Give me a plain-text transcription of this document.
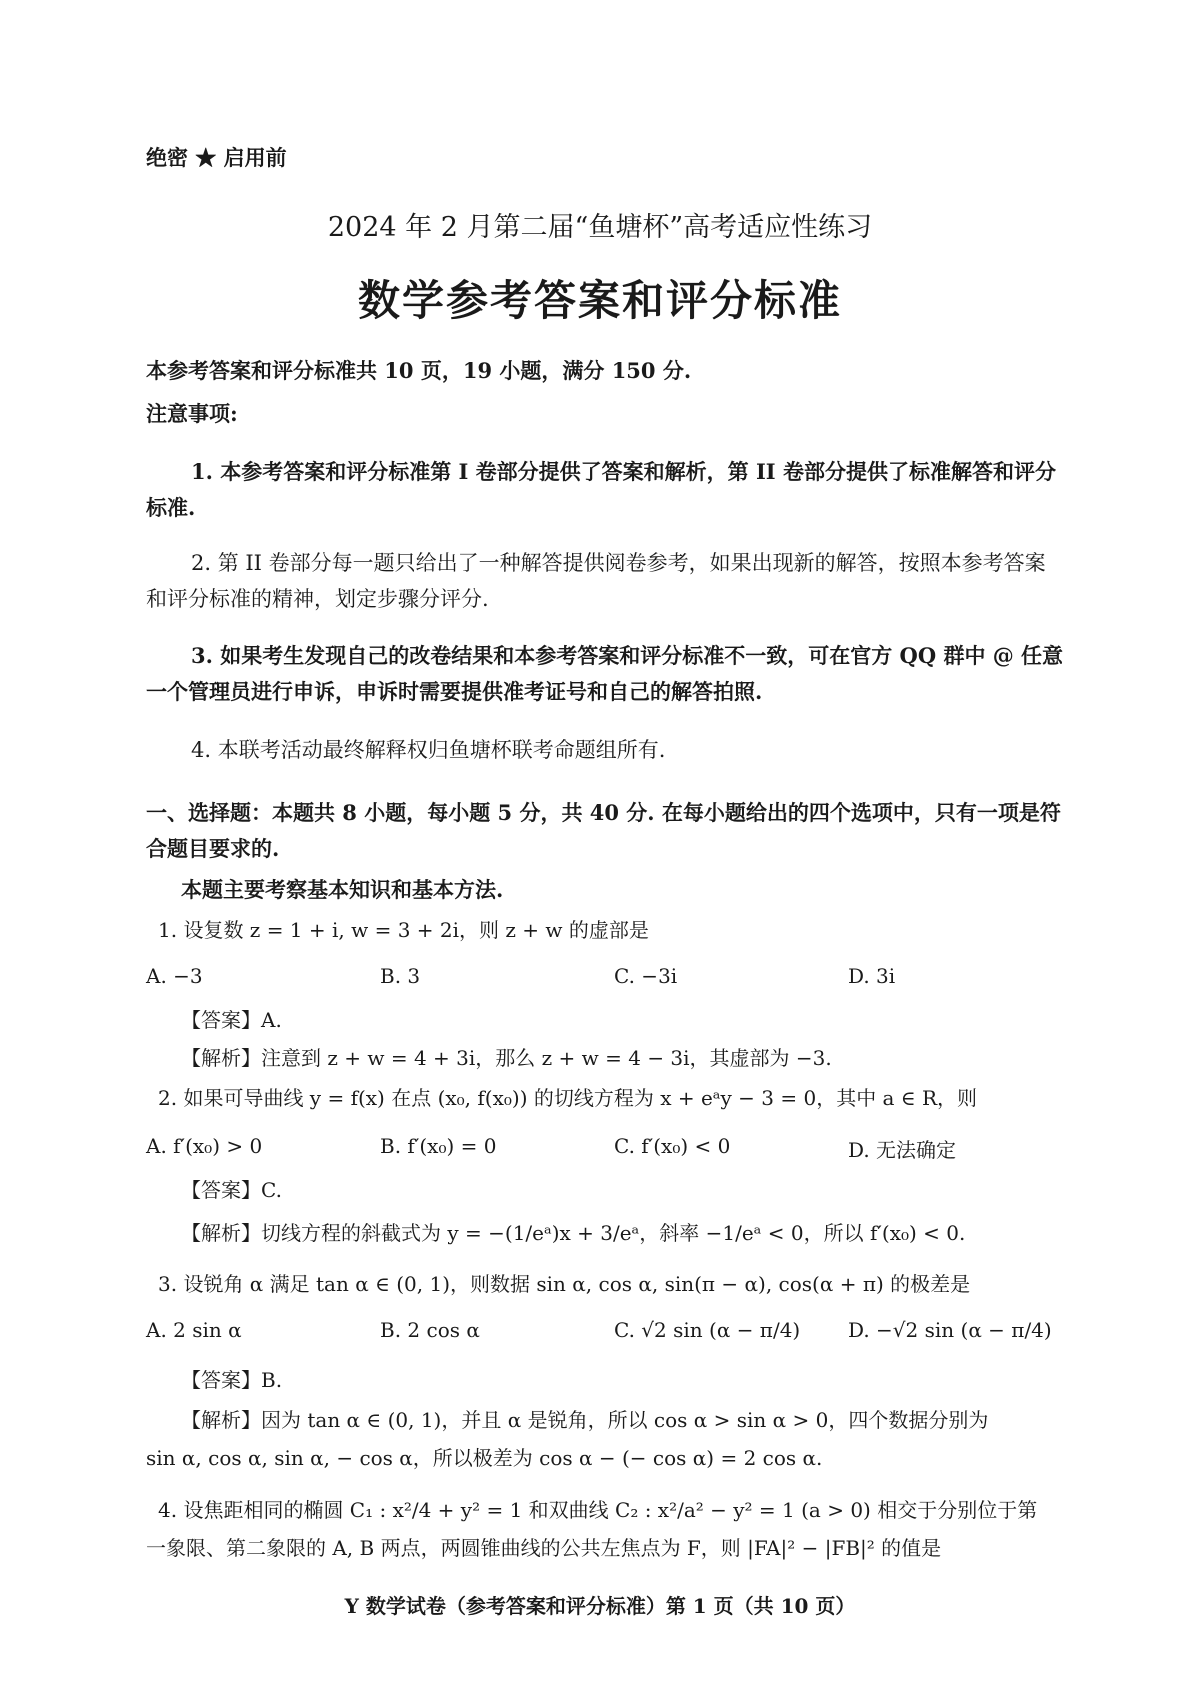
绝密 ★ 启用前
2024 年 2 月第二届“鱼塘杯”高考适应性练习
数学参考答案和评分标准
本参考答案和评分标准共 10 页，19 小题，满分 150 分.
注意事项:
1. 本参考答案和评分标准第 I 卷部分提供了答案和解析，第 II 卷部分提供了标准解答和评分标准.
2. 第 II 卷部分每一题只给出了一种解答提供阅卷参考，如果出现新的解答，按照本参考答案和评分标准的精神，划定步骤分评分.
3. 如果考生发现自己的改卷结果和本参考答案和评分标准不一致，可在官方 QQ 群中 @ 任意一个管理员进行申诉，申诉时需要提供准考证号和自己的解答拍照.
4. 本联考活动最终解释权归鱼塘杯联考命题组所有.
一、选择题：本题共 8 小题，每小题 5 分，共 40 分. 在每小题给出的四个选项中，只有一项是符合题目要求的.
本题主要考察基本知识和基本方法.
1. 设复数 z = 1 + i, w = 3 + 2i，则 z + w 的虚部是
A. −3	B. 3	C. −3i	D. 3i
【答案】A.
【解析】注意到 z + w = 4 + 3i，那么 z + w = 4 − 3i，其虚部为 −3.
2. 如果可导曲线 y = f(x) 在点 (x₀, f(x₀)) 的切线方程为 x + eᵃy − 3 = 0，其中 a ∈ R，则
A. f′(x₀) > 0	B. f′(x₀) = 0	C. f′(x₀) < 0	D. 无法确定
【答案】C.
【解析】切线方程的斜截式为 y = −(1/eᵃ)x + 3/eᵃ，斜率 −1/eᵃ < 0，所以 f′(x₀) < 0.
3. 设锐角 α 满足 tan α ∈ (0, 1)，则数据 sin α, cos α, sin(π − α), cos(α + π) 的极差是
A. 2 sin α	B. 2 cos α	C. √2 sin (α − π/4) D. −√2 sin (α − π/4)
【答案】B.
【解析】因为 tan α ∈ (0, 1)，并且 α 是锐角，所以 cos α > sin α > 0，四个数据分别为
sin α, cos α, sin α, − cos α，所以极差为 cos α − (− cos α) = 2 cos α.
4. 设焦距相同的椭圆 C₁ : x²/4 + y² = 1 和双曲线 C₂ : x²/a² − y² = 1 (a > 0) 相交于分别位于第
一象限、第二象限的 A, B 两点，两圆锥曲线的公共左焦点为 F，则 |FA|² − |FB|² 的值是
Y 数学试卷（参考答案和评分标准）第 1 页（共 10 页）
